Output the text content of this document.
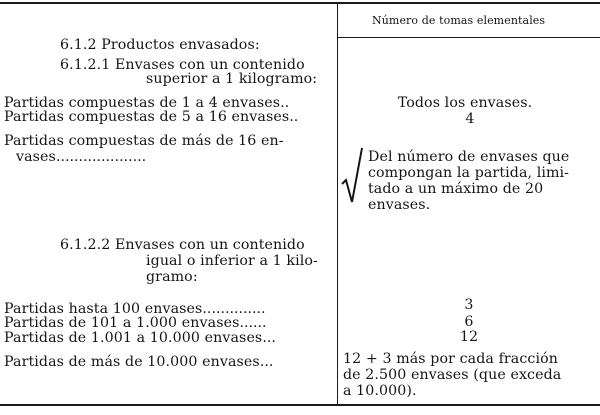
Número de tomas elementales
6.1.2 Productos envasados:
6.1.2.1 Envases con un contenido
superior a 1 kilogramo:
Partidas compuestas de 1 a 4 envases..	Todos los envases.
Partidas compuestas de 5 a 16 envases..	4
Partidas compuestas de más de 16 en-
vases....................	Del número de envases que
compongan la partida, limi-
tado a un máximo de 20
envases.
6.1.2.2 Envases con un contenido
igual o inferior a 1 kilo-
gramo:
Partidas hasta 100 envases..............	3
Partidas de 101 a 1.000 envases......	6
Partidas de 1.001 a 10.000 envases...	12
Partidas de más de 10.000 envases...	12 + 3 más por cada fracción
de 2.500 envases (que exceda
a 10.000).
